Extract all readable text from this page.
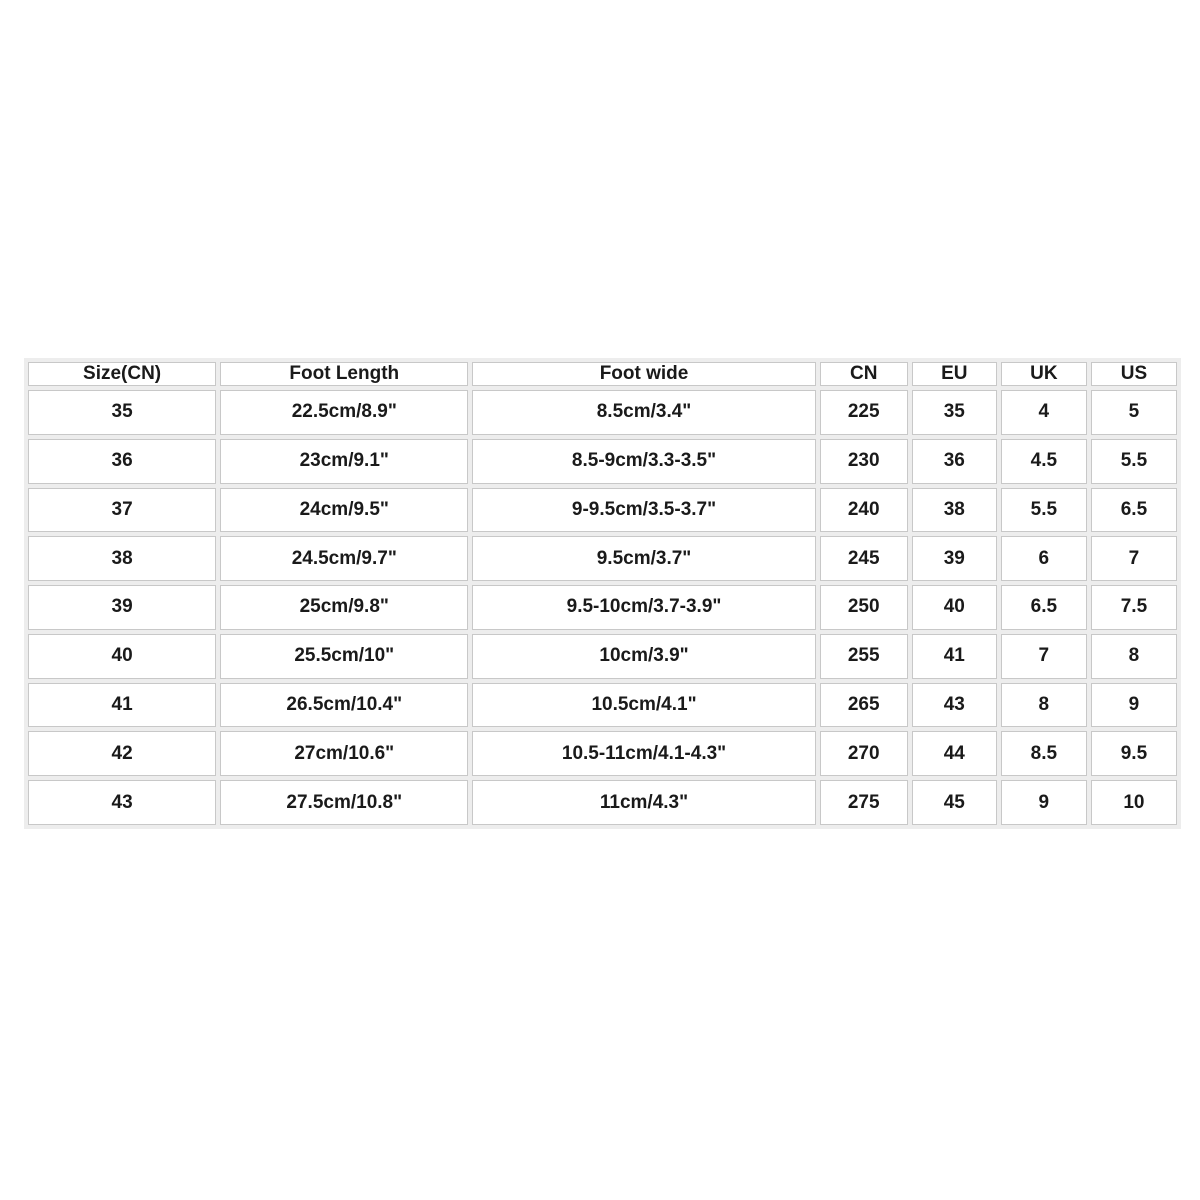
Size(CN)	Foot Length	Foot wide	CN	EU	UK	US
35	22.5cm/8.9"	8.5cm/3.4"	225	35	4	5
36	23cm/9.1"	8.5-9cm/3.3-3.5"	230	36	4.5	5.5
37	24cm/9.5"	9-9.5cm/3.5-3.7"	240	38	5.5	6.5
38	24.5cm/9.7"	9.5cm/3.7"	245	39	6	7
39	25cm/9.8"	9.5-10cm/3.7-3.9"	250	40	6.5	7.5
40	25.5cm/10"	10cm/3.9"	255	41	7	8
41	26.5cm/10.4"	10.5cm/4.1"	265	43	8	9
42	27cm/10.6"	10.5-11cm/4.1-4.3"	270	44	8.5	9.5
43	27.5cm/10.8"	11cm/4.3"	275	45	9	10
